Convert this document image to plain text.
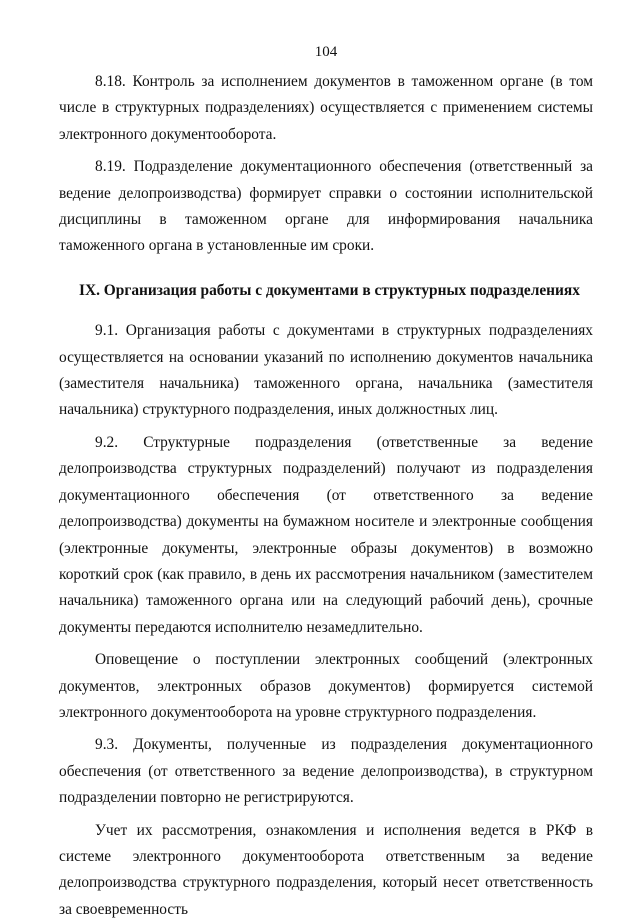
104

8.18. Контроль за исполнением документов в таможенном органе (в том числе в структурных подразделениях) осуществляется с применением системы электронного документооборота.

8.19. Подразделение документационного обеспечения (ответственный за ведение делопроизводства) формирует справки о состоянии исполнительской дисциплины в таможенном органе для информирования начальника таможенного органа в установленные им сроки.

IX. Организация работы с документами в структурных подразделениях

9.1. Организация работы с документами в структурных подразделениях осуществляется на основании указаний по исполнению документов начальника (заместителя начальника) таможенного органа, начальника (заместителя начальника) структурного подразделения, иных должностных лиц.

9.2. Структурные подразделения (ответственные за ведение делопроизводства структурных подразделений) получают из подразделения документационного обеспечения (от ответственного за ведение делопроизводства) документы на бумажном носителе и электронные сообщения (электронные документы, электронные образы документов) в возможно короткий срок (как правило, в день их рассмотрения начальником (заместителем начальника) таможенного органа или на следующий рабочий день), срочные документы передаются исполнителю незамедлительно.

Оповещение о поступлении электронных сообщений (электронных документов, электронных образов документов) формируется системой электронного документооборота на уровне структурного подразделения.

9.3. Документы, полученные из подразделения документационного обеспечения (от ответственного за ведение делопроизводства), в структурном подразделении повторно не регистрируются.

Учет их рассмотрения, ознакомления и исполнения ведется в РКФ в системе электронного документооборота ответственным за ведение делопроизводства структурного подразделения, который несет ответственность за своевременность
